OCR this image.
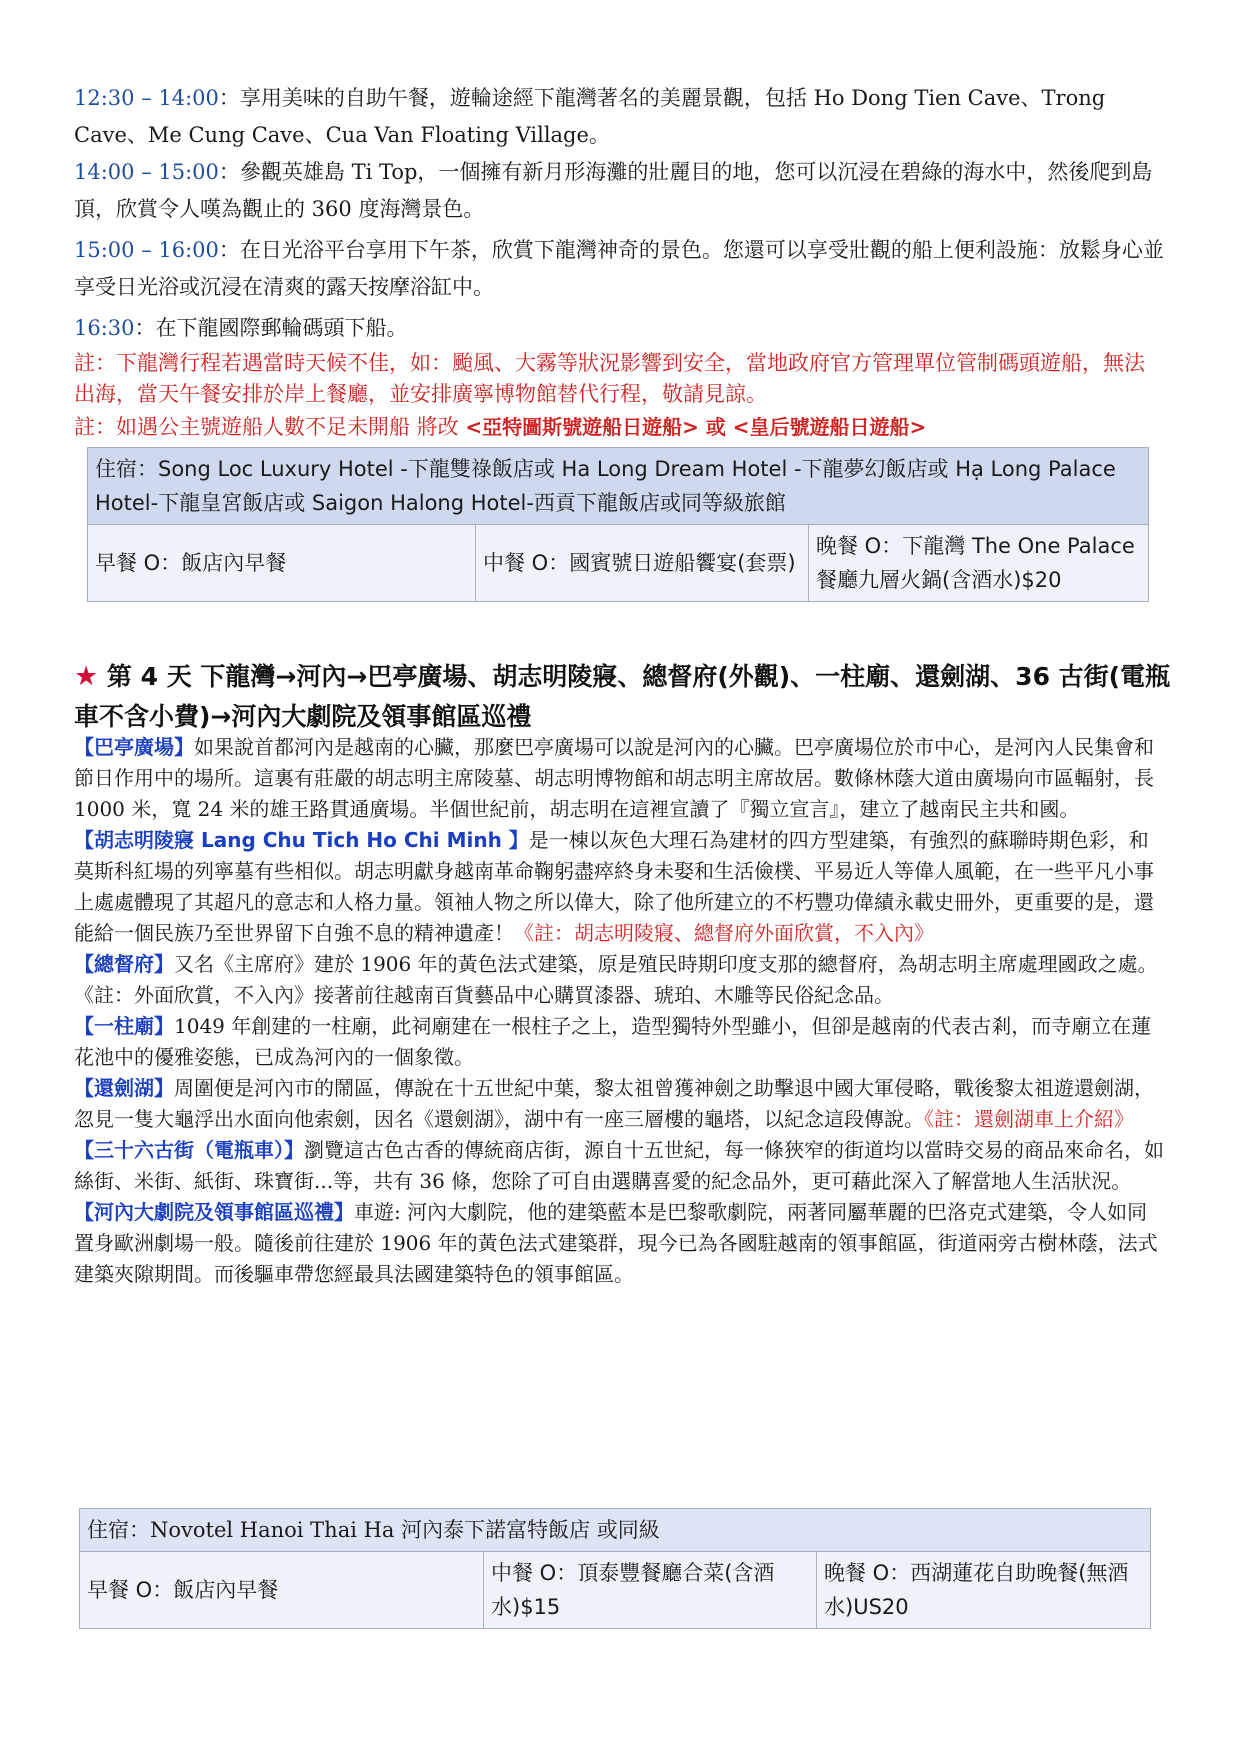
12:30 – 14:00：享用美味的自助午餐，遊輪途經下龍灣著名的美麗景觀，包括 Ho Dong Tien Cave、Trong Cave、Me Cung Cave、Cua Van Floating Village。
14:00 – 15:00：參觀英雄島 Ti Top，一個擁有新月形海灘的壯麗目的地，您可以沉浸在碧綠的海水中，然後爬到島頂，欣賞令人嘆為觀止的 360 度海灣景色。
15:00 – 16:00：在日光浴平台享用下午茶，欣賞下龍灣神奇的景色。您還可以享受壯觀的船上便利設施：放鬆身心並享受日光浴或沉浸在清爽的露天按摩浴缸中。
16:30：在下龍國際郵輪碼頭下船。
註：下龍灣行程若遇當時天候不佳，如：颱風、大霧等狀況影響到安全，當地政府官方管理單位管制碼頭遊船，無法出海，當天午餐安排於岸上餐廳，並安排廣寧博物館替代行程，敬請見諒。
註：如遇公主號遊船人數不足未開船 將改 <亞特圖斯號遊船日遊船> 或 <皇后號遊船日遊船>
住宿：Song Loc Luxury Hotel -下龍雙祿飯店或 Ha Long Dream Hotel -下龍夢幻飯店或 Hạ Long Palace Hotel-下龍皇宮飯店或 Saigon Halong Hotel-西貢下龍飯店或同等級旅館
早餐 O：飯店內早餐	中餐 O：國賓號日遊船饗宴(套票)	晚餐 O：下龍灣 The One Palace 餐廳九層火鍋(含酒水)$20
★ 第 4 天 下龍灣→河內→巴亭廣場、胡志明陵寢、總督府(外觀)、一柱廟、還劍湖、36 古街(電瓶車不含小費)→河內大劇院及領事館區巡禮

【巴亭廣場】如果說首都河內是越南的心臟，那麼巴亭廣場可以說是河內的心臟。巴亭廣場位於市中心，是河內人民集會和節日作用中的場所。這裏有莊嚴的胡志明主席陵墓、胡志明博物館和胡志明主席故居。數條林蔭大道由廣場向市區輻射，長 1000 米，寬 24 米的雄王路貫通廣場。半個世紀前，胡志明在這裡宣讀了『獨立宣言』，建立了越南民主共和國。

【胡志明陵寢 Lang Chu Tich Ho Chi Minh 】是一棟以灰色大理石為建材的四方型建築，有強烈的蘇聯時期色彩，和莫斯科紅場的列寧墓有些相似。胡志明獻身越南革命鞠躬盡瘁終身未娶和生活儉樸、平易近人等偉人風範，在一些平凡小事上處處體現了其超凡的意志和人格力量。領袖人物之所以偉大，除了他所建立的不朽豐功偉績永載史冊外，更重要的是，還能給一個民族乃至世界留下自強不息的精神遺產！《註：胡志明陵寢、總督府外面欣賞，不入內》

【總督府】又名《主席府》建於 1906 年的黃色法式建築，原是殖民時期印度支那的總督府，為胡志明主席處理國政之處。《註：外面欣賞，不入內》接著前往越南百貨藝品中心購買漆器、琥珀、木雕等民俗紀念品。

【一柱廟】1049 年創建的一柱廟，此祠廟建在一根柱子之上，造型獨特外型雖小，但卻是越南的代表古剎，而寺廟立在蓮花池中的優雅姿態，已成為河內的一個象徵。

【還劍湖】周圍便是河內市的鬧區，傳說在十五世紀中葉，黎太祖曾獲神劍之助擊退中國大軍侵略，戰後黎太祖遊還劍湖，忽見一隻大龜浮出水面向他索劍，因名《還劍湖》，湖中有一座三層樓的龜塔，以紀念這段傳說。《註：還劍湖車上介紹》

【三十六古街（電瓶車）】瀏覽這古色古香的傳統商店街，源自十五世紀，每一條狹窄的街道均以當時交易的商品來命名，如絲街、米街、紙街、珠寶街...等，共有 36 條，您除了可自由選購喜愛的紀念品外，更可藉此深入了解當地人生活狀況。

【河內大劇院及領事館區巡禮】車遊: 河內大劇院，他的建築藍本是巴黎歌劇院，兩著同屬華麗的巴洛克式建築，令人如同置身歐洲劇場一般。隨後前往建於 1906 年的黃色法式建築群，現今已為各國駐越南的領事館區，街道兩旁古樹林蔭，法式建築夾隙期間。而後驅車帶您經最具法國建築特色的領事館區。

住宿：Novotel Hanoi Thai Ha 河內泰下諾富特飯店 或同級
早餐 O：飯店內早餐	中餐 O：頂泰豐餐廳合菜(含酒水)$15	晚餐 O：西湖蓮花自助晚餐(無酒水)US20
